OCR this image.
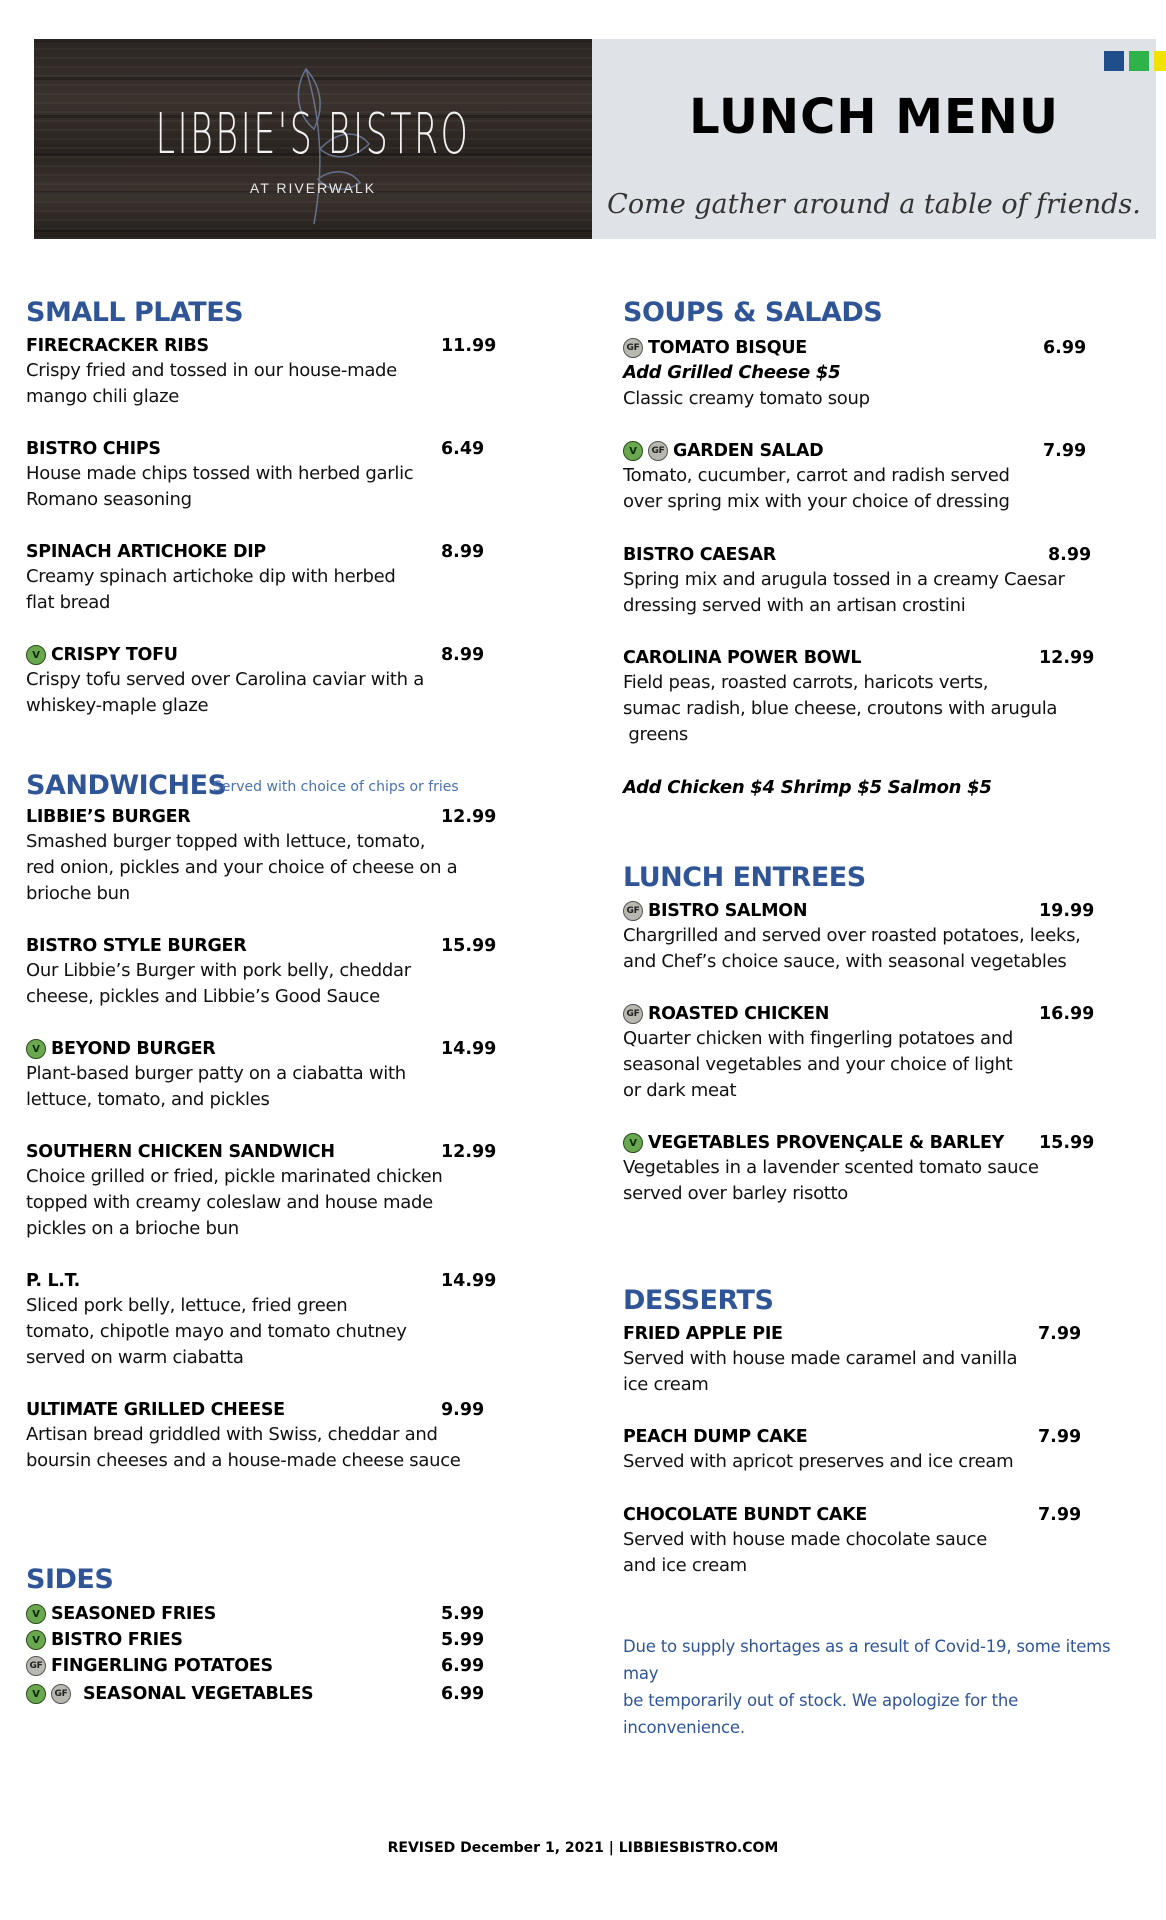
LIBBIE'S BISTRO
AT RIVERWALK
LUNCH MENU
Come gather around a table of friends.
SMALL PLATES
FIRECRACKER RIBS	11.99
Crispy fried and tossed in our house-made
mango chili glaze
BISTRO CHIPS	6.49
House made chips tossed with herbed garlic
Romano seasoning
SPINACH ARTICHOKE DIP	8.99
Creamy spinach artichoke dip with herbed
flat bread
V CRISPY TOFU	8.99
Crispy tofu served over Carolina caviar with a
whiskey-maple glaze
SANDWICHES
Served with choice of chips or fries
LIBBIE’S BURGER	12.99
Smashed burger topped with lettuce, tomato,
red onion, pickles and your choice of cheese on a
brioche bun
BISTRO STYLE BURGER	15.99
Our Libbie’s Burger with pork belly, cheddar
cheese, pickles and Libbie’s Good Sauce
V BEYOND BURGER	14.99
Plant-based burger patty on a ciabatta with
lettuce, tomato, and pickles
SOUTHERN CHICKEN SANDWICH	12.99
Choice grilled or fried, pickle marinated chicken
topped with creamy coleslaw and house made
pickles on a brioche bun
P. L.T.	14.99
Sliced pork belly, lettuce, fried green
tomato, chipotle mayo and tomato chutney
served on warm ciabatta
ULTIMATE GRILLED CHEESE	9.99
Artisan bread griddled with Swiss, cheddar and
boursin cheeses and a house-made cheese sauce
SIDES
V SEASONED FRIES	5.99
V BISTRO FRIES	5.99
GF FINGERLING POTATOES	6.99
V	GF SEASONAL VEGETABLES	6.99
SOUPS & SALADS
GF TOMATO BISQUE	6.99
Add Grilled Cheese $5
Classic creamy tomato soup
V	GF GARDEN SALAD	7.99
Tomato, cucumber, carrot and radish served
over spring mix with your choice of dressing
BISTRO CAESAR	8.99
Spring mix and arugula tossed in a creamy Caesar
dressing served with an artisan crostini
CAROLINA POWER BOWL	12.99
Field peas, roasted carrots, haricots verts,
sumac radish, blue cheese, croutons with arugula
greens
Add Chicken $4 Shrimp $5 Salmon $5
LUNCH ENTREES
GF BISTRO SALMON	19.99
Chargrilled and served over roasted potatoes, leeks,
and Chef’s choice sauce, with seasonal vegetables
GF ROASTED CHICKEN	16.99
Quarter chicken with fingerling potatoes and
seasonal vegetables and your choice of light
or dark meat
V VEGETABLES PROVENÇALE & BARLEY 15.99
Vegetables in a lavender scented tomato sauce
served over barley risotto
DESSERTS
FRIED APPLE PIE	7.99
Served with house made caramel and vanilla
ice cream
PEACH DUMP CAKE	7.99
Served with apricot preserves and ice cream
CHOCOLATE BUNDT CAKE	7.99
Served with house made chocolate sauce
and ice cream
Due to supply shortages as a result of Covid-19, some items may
be temporarily out of stock. We apologize for the inconvenience.
REVISED December 1, 2021 | LIBBIESBISTRO.COM
